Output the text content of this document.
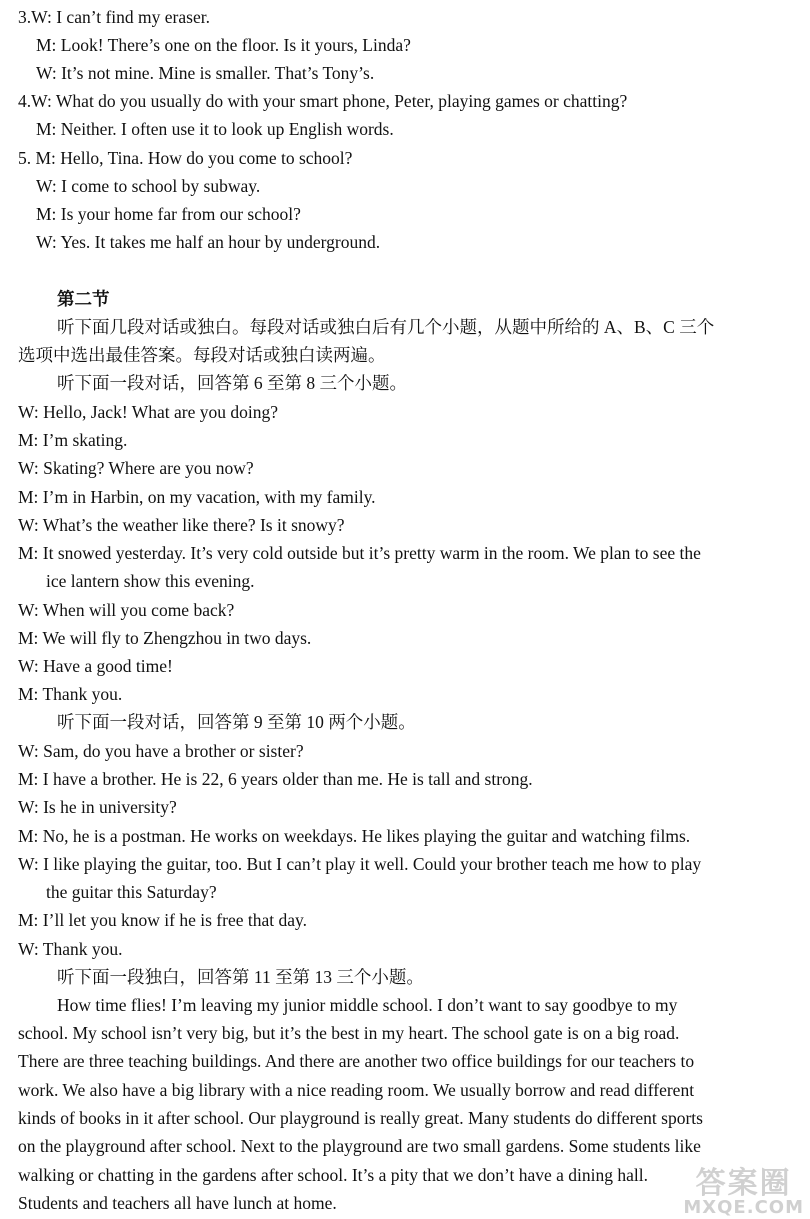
3.W: I can’t find my eraser.
M: Look! There’s one on the floor. Is it yours, Linda?
W: It’s not mine. Mine is smaller. That’s Tony’s.
4.W: What do you usually do with your smart phone, Peter, playing games or chatting?
M: Neither. I often use it to look up English words.
5. M: Hello, Tina. How do you come to school?
W: I come to school by subway.
M: Is your home far from our school?
W: Yes. It takes me half an hour by underground.
第二节
听下面几段对话或独白。每段对话或独白后有几个小题，从题中所给的 A、B、C 三个
选项中选出最佳答案。每段对话或独白读两遍。
听下面一段对话，回答第 6 至第 8 三个小题。
W: Hello, Jack! What are you doing?
M: I’m skating.
W: Skating? Where are you now?
M: I’m in Harbin, on my vacation, with my family.
W: What’s the weather like there? Is it snowy?
M: It snowed yesterday. It’s very cold outside but it’s pretty warm in the room. We plan to see the
ice lantern show this evening.
W: When will you come back?
M: We will fly to Zhengzhou in two days.
W: Have a good time!
M: Thank you.
听下面一段对话，回答第 9 至第 10 两个小题。
W: Sam, do you have a brother or sister?
M: I have a brother. He is 22, 6 years older than me. He is tall and strong.
W: Is he in university?
M: No, he is a postman. He works on weekdays. He likes playing the guitar and watching films.
W: I like playing the guitar, too. But I can’t play it well. Could your brother teach me how to play
the guitar this Saturday?
M: I’ll let you know if he is free that day.
W: Thank you.
听下面一段独白，回答第 11 至第 13 三个小题。
How time flies! I’m leaving my junior middle school. I don’t want to say goodbye to my
school. My school isn’t very big, but it’s the best in my heart. The school gate is on a big road.
There are three teaching buildings. And there are another two office buildings for our teachers to
work. We also have a big library with a nice reading room. We usually borrow and read different
kinds of books in it after school. Our playground is really great. Many students do different sports
on the playground after school. Next to the playground are two small gardens. Some students like
walking or chatting in the gardens after school. It’s a pity that we don’t have a dining hall.
Students and teachers all have lunch at home.
答案圈
MXQE.COM
